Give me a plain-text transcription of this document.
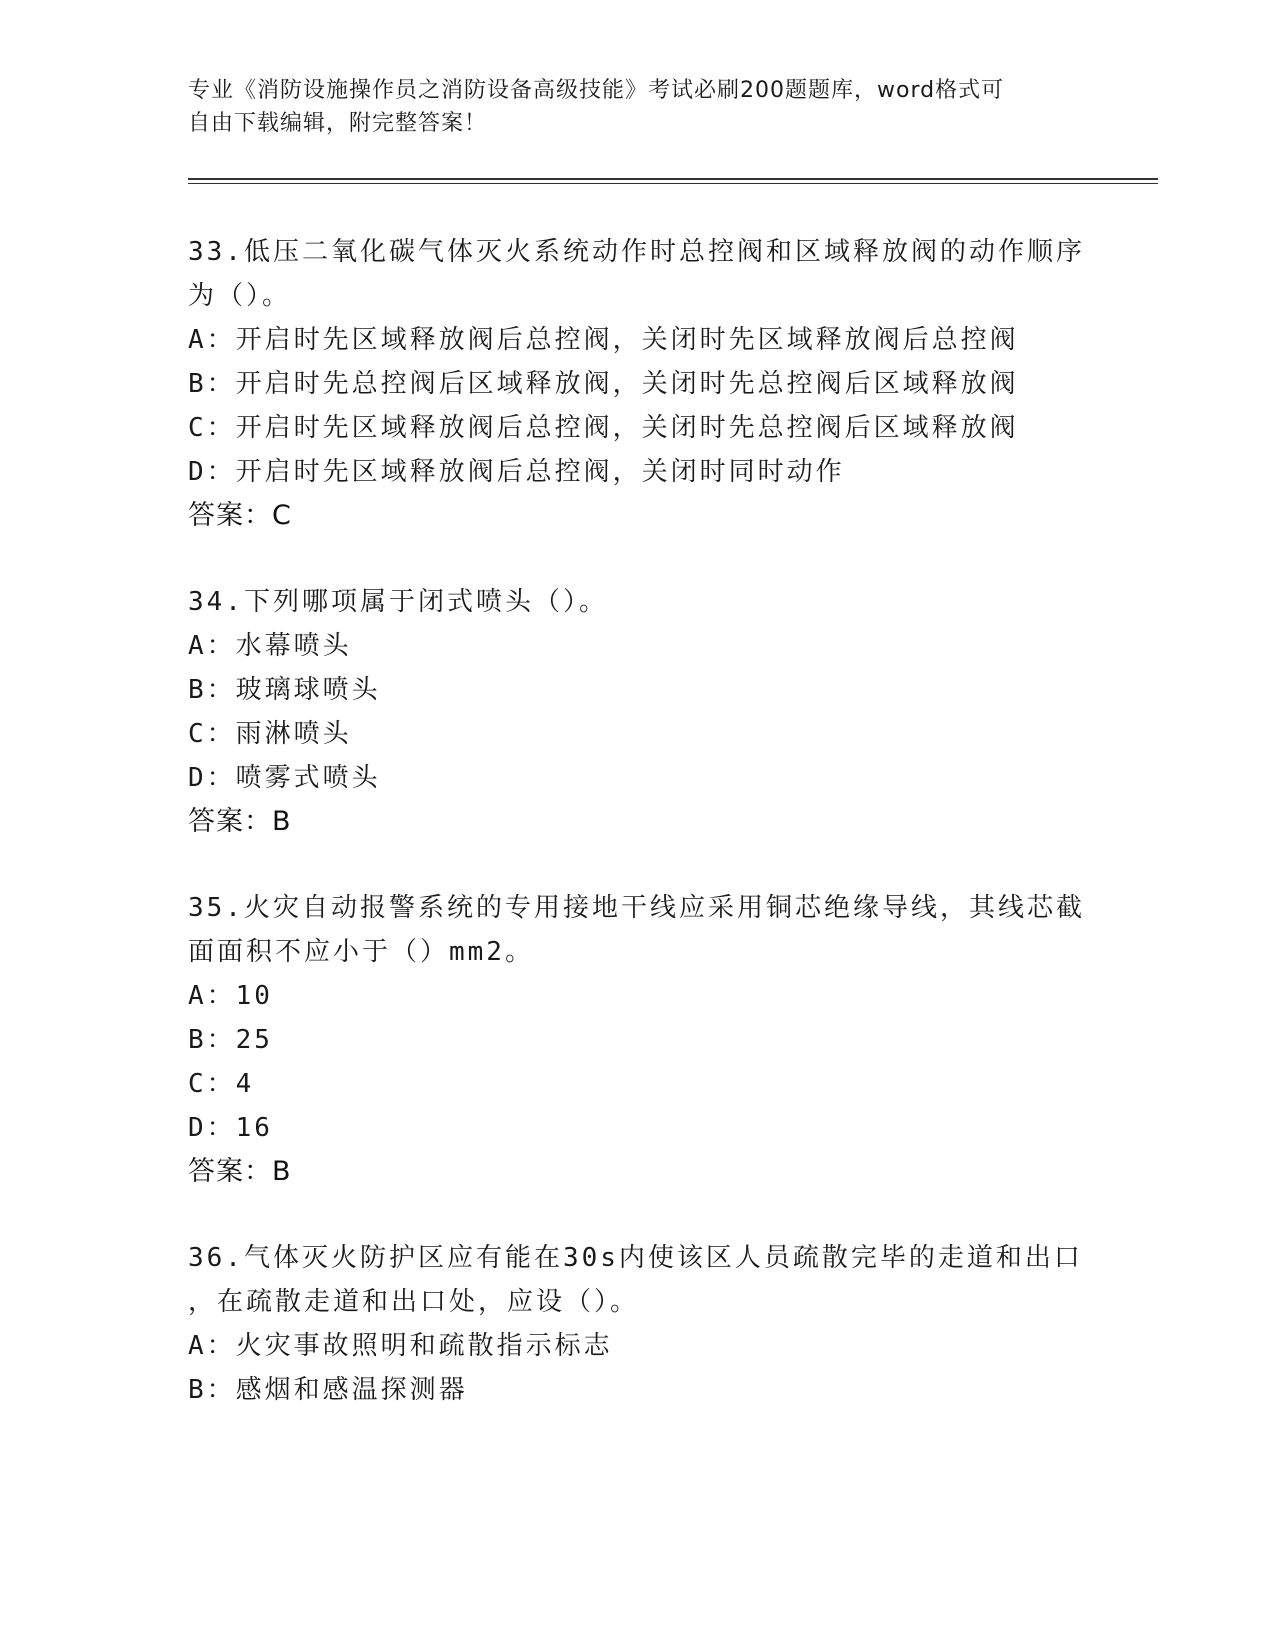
专业《消防设施操作员之消防设备高级技能》考试必刷200题题库，word格式可
自由下载编辑，附完整答案！
33.低压二氧化碳气体灭火系统动作时总控阀和区域释放阀的动作顺序
为（）。
A：开启时先区域释放阀后总控阀，关闭时先区域释放阀后总控阀
B：开启时先总控阀后区域释放阀，关闭时先总控阀后区域释放阀
C：开启时先区域释放阀后总控阀，关闭时先总控阀后区域释放阀
D：开启时先区域释放阀后总控阀，关闭时同时动作
答案：C
34.下列哪项属于闭式喷头（）。
A：水幕喷头
B：玻璃球喷头
C：雨淋喷头
D：喷雾式喷头
答案：B
35.火灾自动报警系统的专用接地干线应采用铜芯绝缘导线，其线芯截
面面积不应小于（）mm2。
A：10
B：25
C：4
D：16
答案：B
36.气体灭火防护区应有能在30s内使该区人员疏散完毕的走道和出口
，在疏散走道和出口处，应设（）。
A：火灾事故照明和疏散指示标志
B：感烟和感温探测器
